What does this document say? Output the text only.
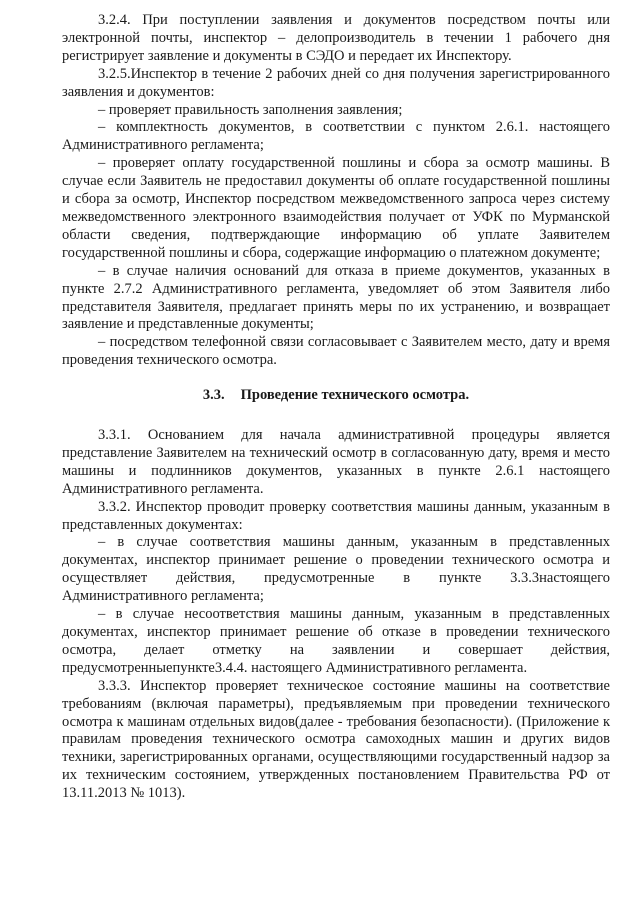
3.2.4. При поступлении заявления и документов посредством почты или электронной почты, инспектор – делопроизводитель в течении 1 рабочего дня регистрирует заявление и документы в СЭДО и передает их Инспектору.

3.2.5.Инспектор в течение 2 рабочих дней со дня получения зарегистрированного заявления и документов:

– проверяет правильность заполнения заявления;

– комплектность документов, в соответствии с пунктом 2.6.1. настоящего Административного регламента;

– проверяет оплату государственной пошлины и сбора за осмотр машины. В случае если Заявитель не предоставил документы об оплате государственной пошлины и сбора за осмотр, Инспектор посредством межведомственного запроса через систему межведомственного электронного взаимодействия получает от УФК по Мурманской области сведения, подтверждающие информацию об уплате Заявителем государственной пошлины и сбора, содержащие информацию о платежном документе;

– в случае наличия оснований для отказа в приеме документов, указанных в пункте 2.7.2 Административного регламента, уведомляет об этом Заявителя либо представителя Заявителя, предлагает принять меры по их устранению, и возвращает заявление и представленные документы;

– посредством телефонной связи согласовывает с Заявителем место, дату и время проведения технического осмотра.

3.3. Проведение технического осмотра.

3.3.1. Основанием для начала административной процедуры является представление Заявителем на технический осмотр в согласованную дату, время и место машины и подлинников документов, указанных в пункте 2.6.1 настоящего Административного регламента.

3.3.2. Инспектор проводит проверку соответствия машины данным, указанным в представленных документах:

– в случае соответствия машины данным, указанным в представленных документах, инспектор принимает решение о проведении технического осмотра и осуществляет действия, предусмотренные в пункте 3.3.3настоящего Административного регламента;

– в случае несоответствия машины данным, указанным в представленных документах, инспектор принимает решение об отказе в проведении технического осмотра, делает отметку на заявлении и совершает действия, предусмотренныепункте3.4.4. настоящего Административного регламента.

3.3.3. Инспектор проверяет техническое состояние машины на соответствие требованиям (включая параметры), предъявляемым при проведении технического осмотра к машинам отдельных видов(далее - требования безопасности). (Приложение к правилам проведения технического осмотра самоходных машин и других видов техники, зарегистрированных органами, осуществляющими государственный надзор за их техническим состоянием, утвержденных постановлением Правительства РФ от 13.11.2013 № 1013).
